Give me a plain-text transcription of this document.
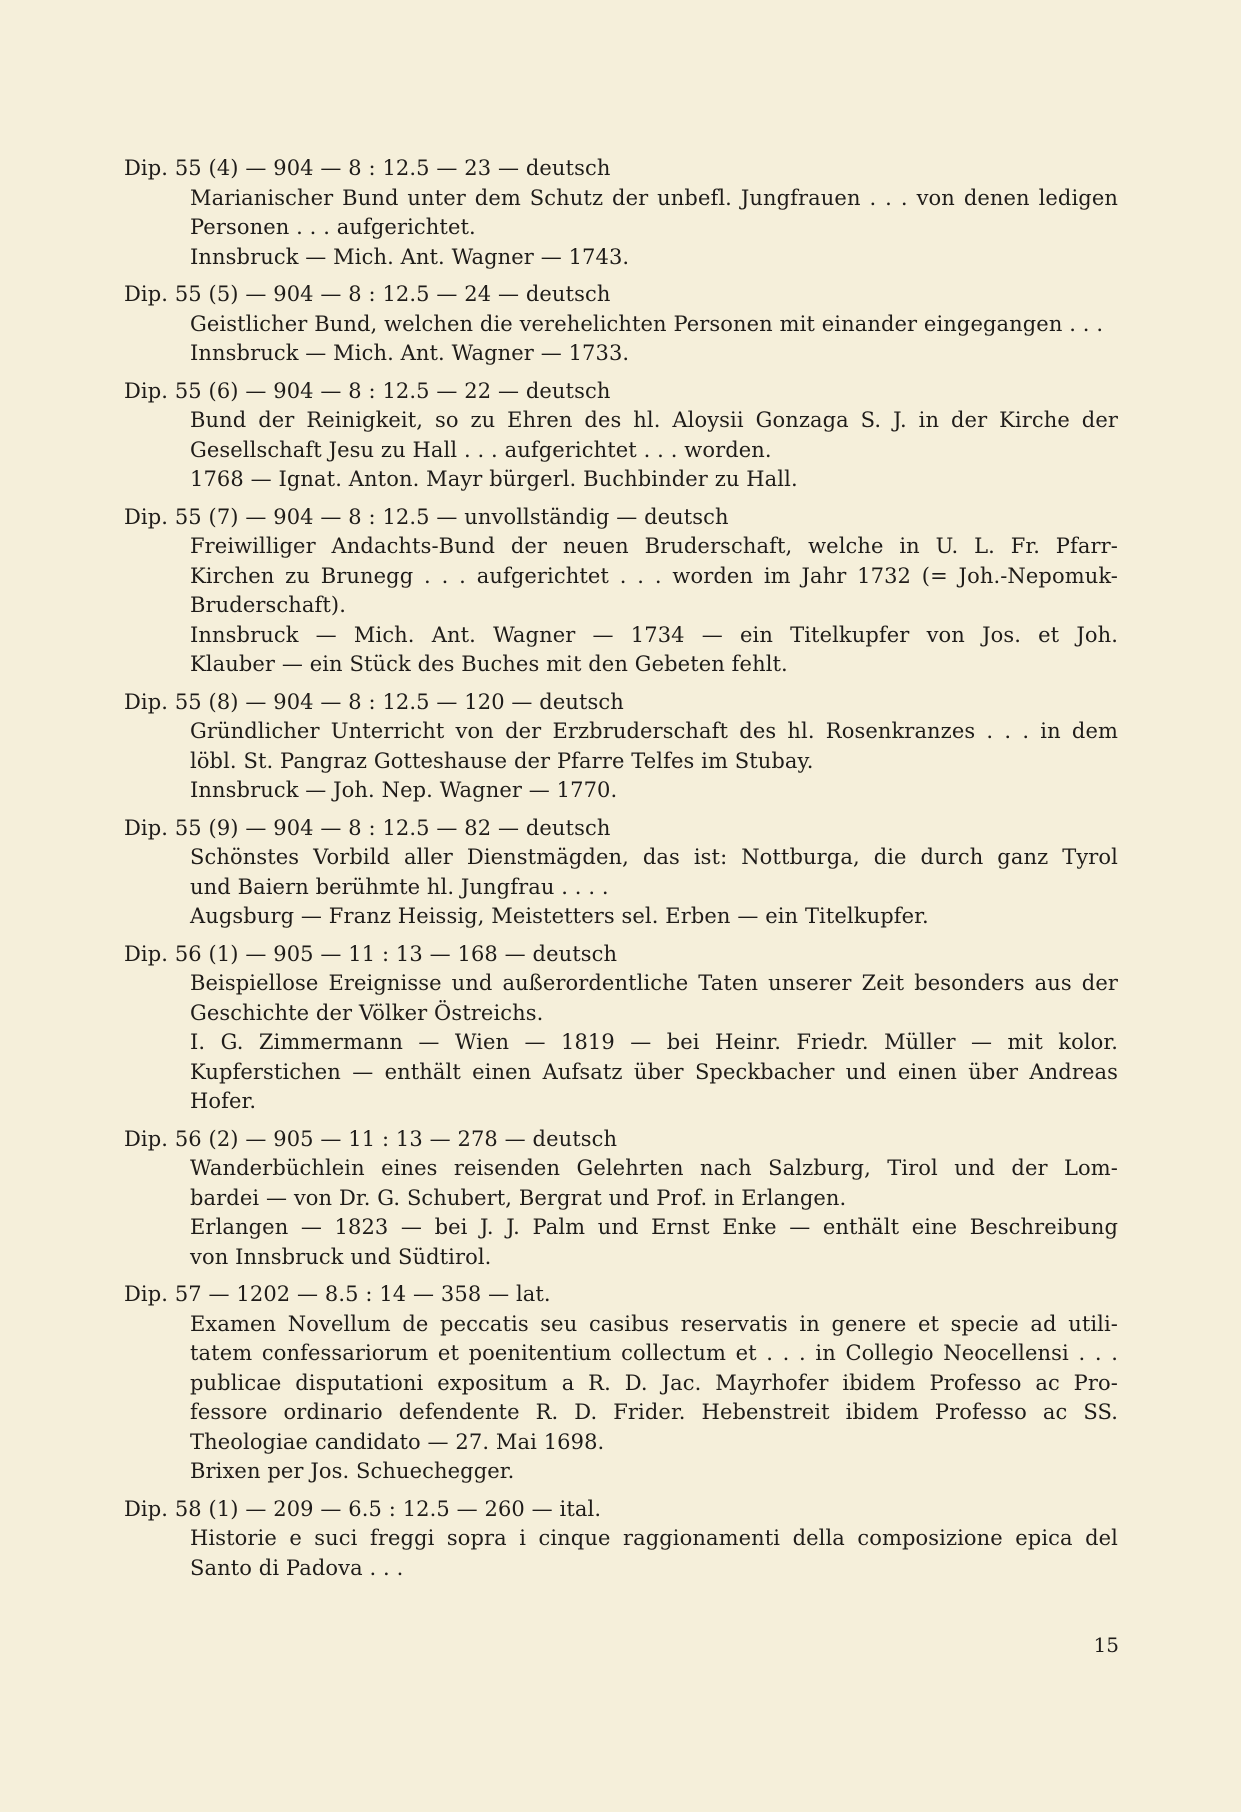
Dip. 55 (4) — 904 — 8 : 12.5 — 23 — deutsch
Marianischer Bund unter dem Schutz der unbefl. Jungfrauen . . . von denen ledigen
Personen . . . aufgerichtet.
Innsbruck — Mich. Ant. Wagner — 1743.
Dip. 55 (5) — 904 — 8 : 12.5 — 24 — deutsch
Geistlicher Bund, welchen die verehelichten Personen mit einander eingegangen . . .
Innsbruck — Mich. Ant. Wagner — 1733.
Dip. 55 (6) — 904 — 8 : 12.5 — 22 — deutsch
Bund der Reinigkeit, so zu Ehren des hl. Aloysii Gonzaga S. J. in der Kirche der
Gesellschaft Jesu zu Hall . . . aufgerichtet . . . worden.
1768 — Ignat. Anton. Mayr bürgerl. Buchbinder zu Hall.
Dip. 55 (7) — 904 — 8 : 12.5 — unvollständig — deutsch
Freiwilliger Andachts-Bund der neuen Bruderschaft, welche in U. L. Fr. Pfarr-
Kirchen zu Brunegg . . . aufgerichtet . . . worden im Jahr 1732 (= Joh.-Nepomuk-
Bruderschaft).
Innsbruck — Mich. Ant. Wagner — 1734 — ein Titelkupfer von Jos. et Joh.
Klauber — ein Stück des Buches mit den Gebeten fehlt.
Dip. 55 (8) — 904 — 8 : 12.5 — 120 — deutsch
Gründlicher Unterricht von der Erzbruderschaft des hl. Rosenkranzes . . . in dem
löbl. St. Pangraz Gotteshause der Pfarre Telfes im Stubay.
Innsbruck — Joh. Nep. Wagner — 1770.
Dip. 55 (9) — 904 — 8 : 12.5 — 82 — deutsch
Schönstes Vorbild aller Dienstmägden, das ist: Nottburga, die durch ganz Tyrol
und Baiern berühmte hl. Jungfrau . . . .
Augsburg — Franz Heissig, Meistetters sel. Erben — ein Titelkupfer.
Dip. 56 (1) — 905 — 11 : 13 — 168 — deutsch
Beispiellose Ereignisse und außerordentliche Taten unserer Zeit besonders aus der
Geschichte der Völker Östreichs.
I. G. Zimmermann — Wien — 1819 — bei Heinr. Friedr. Müller — mit kolor.
Kupferstichen — enthält einen Aufsatz über Speckbacher und einen über Andreas
Hofer.
Dip. 56 (2) — 905 — 11 : 13 — 278 — deutsch
Wanderbüchlein eines reisenden Gelehrten nach Salzburg, Tirol und der Lom-
bardei — von Dr. G. Schubert, Bergrat und Prof. in Erlangen.
Erlangen — 1823 — bei J. J. Palm und Ernst Enke — enthält eine Beschreibung
von Innsbruck und Südtirol.
Dip. 57 — 1202 — 8.5 : 14 — 358 — lat.
Examen Novellum de peccatis seu casibus reservatis in genere et specie ad utili-
tatem confessariorum et poenitentium collectum et . . . in Collegio Neocellensi . . .
publicae disputationi expositum a R. D. Jac. Mayrhofer ibidem Professo ac Pro-
fessore ordinario defendente R. D. Frider. Hebenstreit ibidem Professo ac SS.
Theologiae candidato — 27. Mai 1698.
Brixen per Jos. Schuechegger.
Dip. 58 (1) — 209 — 6.5 : 12.5 — 260 — ital.
Historie e suci freggi sopra i cinque raggionamenti della composizione epica del
Santo di Padova . . .
15
